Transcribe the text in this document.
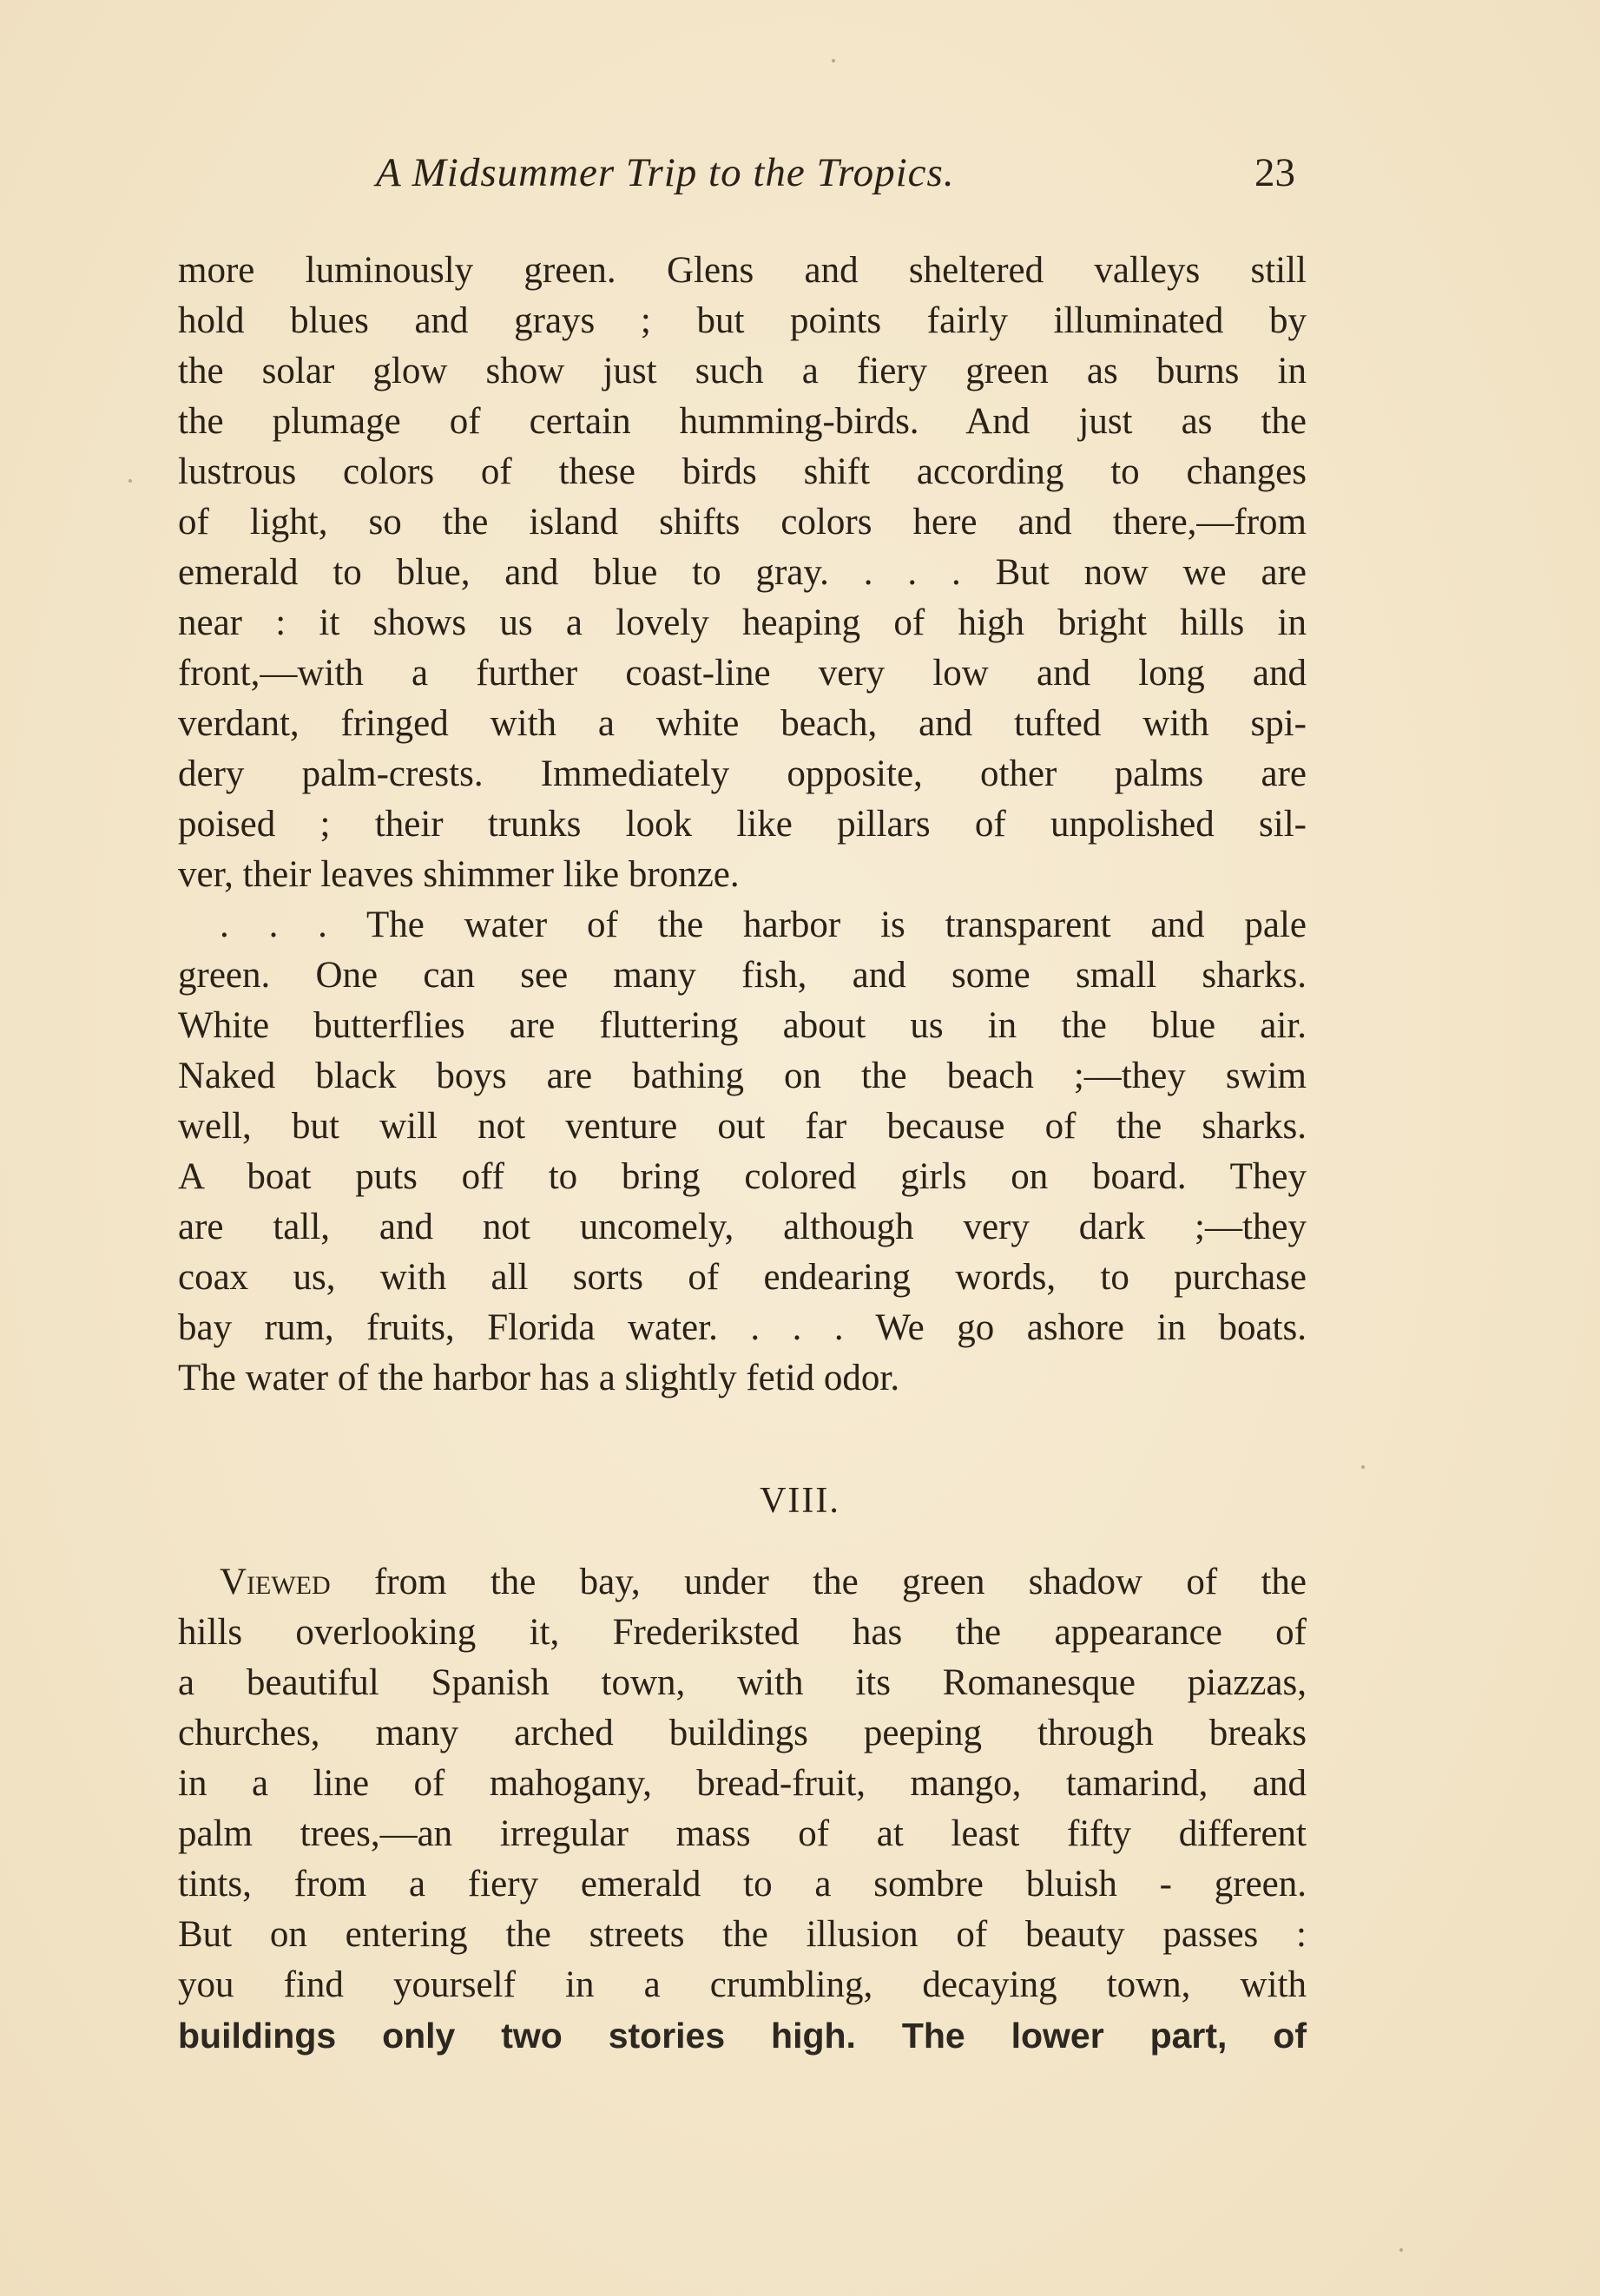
A Midsummer Trip to the Tropics.	23
more luminously green. Glens and sheltered valleys still
hold blues and grays ; but points fairly illuminated by
the solar glow show just such a fiery green as burns in
the plumage of certain humming-birds. And just as the
lustrous colors of these birds shift according to changes
of light, so the island shifts colors here and there,—from
emerald to blue, and blue to gray. . . . But now we are
near : it shows us a lovely heaping of high bright hills in
front,—with a further coast-line very low and long and
verdant, fringed with a white beach, and tufted with spi-
dery palm-crests. Immediately opposite, other palms are
poised ; their trunks look like pillars of unpolished sil-
ver, their leaves shimmer like bronze.
. . . The water of the harbor is transparent and pale
green. One can see many fish, and some small sharks.
White butterflies are fluttering about us in the blue air.
Naked black boys are bathing on the beach ;—they swim
well, but will not venture out far because of the sharks.
A boat puts off to bring colored girls on board. They
are tall, and not uncomely, although very dark ;—they
coax us, with all sorts of endearing words, to purchase
bay rum, fruits, Florida water. . . . We go ashore in boats.
The water of the harbor has a slightly fetid odor.
VIII.
Viewed from the bay, under the green shadow of the
hills overlooking it, Frederiksted has the appearance of
a beautiful Spanish town, with its Romanesque piazzas,
churches, many arched buildings peeping through breaks
in a line of mahogany, bread-fruit, mango, tamarind, and
palm trees,—an irregular mass of at least fifty different
tints, from a fiery emerald to a sombre bluish - green.
But on entering the streets the illusion of beauty passes :
you find yourself in a crumbling, decaying town, with
buildings only two stories high. The lower part, of
